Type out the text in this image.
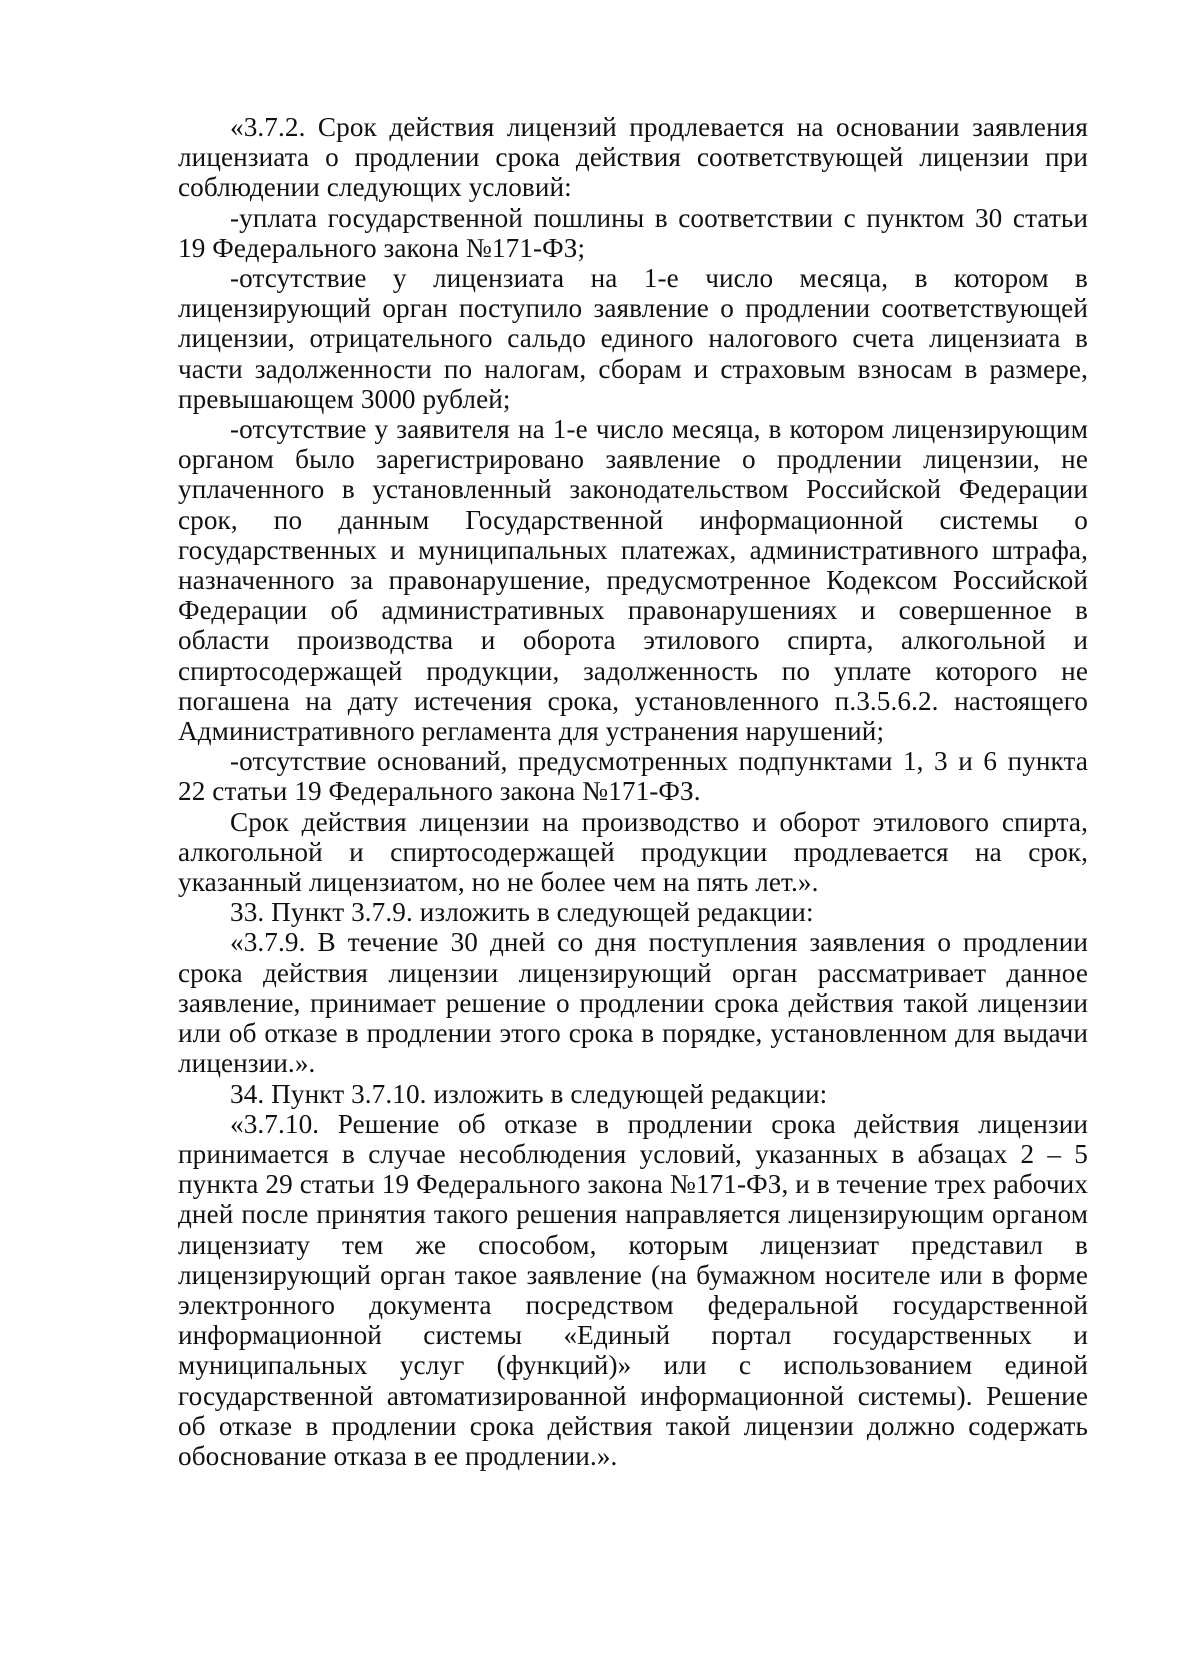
«3.7.2. Срок действия лицензий продлевается на основании заявления лицензиата о продлении срока действия соответствующей лицензии при соблюдении следующих условий:

-уплата государственной пошлины в соответствии с пунктом 30 статьи 19 Федерального закона №171-ФЗ;

-отсутствие у лицензиата на 1-е число месяца, в котором в лицензирующий орган поступило заявление о продлении соответствующей лицензии, отрицательного сальдо единого налогового счета лицензиата в части задолженности по налогам, сборам и страховым взносам в размере, превышающем 3000 рублей;

-отсутствие у заявителя на 1-е число месяца, в котором лицензирующим органом было зарегистрировано заявление о продлении лицензии, не уплаченного в установленный законодательством Российской Федерации срок, по данным Государственной информационной системы о государственных и муниципальных платежах, административного штрафа, назначенного за правонарушение, предусмотренное Кодексом Российской Федерации об административных правонарушениях и совершенное в области производства и оборота этилового спирта, алкогольной и спиртосодержащей продукции, задолженность по уплате которого не погашена на дату истечения срока, установленного п.3.5.6.2. настоящего Административного регламента для устранения нарушений;

-отсутствие оснований, предусмотренных подпунктами 1, 3 и 6 пункта 22 статьи 19 Федерального закона №171-ФЗ.

Срок действия лицензии на производство и оборот этилового спирта, алкогольной и спиртосодержащей продукции продлевается на срок, указанный лицензиатом, но не более чем на пять лет.».

33. Пункт 3.7.9. изложить в следующей редакции:

«3.7.9. В течение 30 дней со дня поступления заявления о продлении срока действия лицензии лицензирующий орган рассматривает данное заявление, принимает решение о продлении срока действия такой лицензии или об отказе в продлении этого срока в порядке, установленном для выдачи лицензии.».

34. Пункт 3.7.10. изложить в следующей редакции:

«3.7.10. Решение об отказе в продлении срока действия лицензии принимается в случае несоблюдения условий, указанных в абзацах 2 – 5 пункта 29 статьи 19 Федерального закона №171-ФЗ, и в течение трех рабочих дней после принятия такого решения направляется лицензирующим органом лицензиату тем же способом, которым лицензиат представил в лицензирующий орган такое заявление (на бумажном носителе или в форме электронного документа посредством федеральной государственной информационной системы «Единый портал государственных и муниципальных услуг (функций)» или с использованием единой государственной автоматизированной информационной системы). Решение об отказе в продлении срока действия такой лицензии должно содержать обоснование отказа в ее продлении.».
